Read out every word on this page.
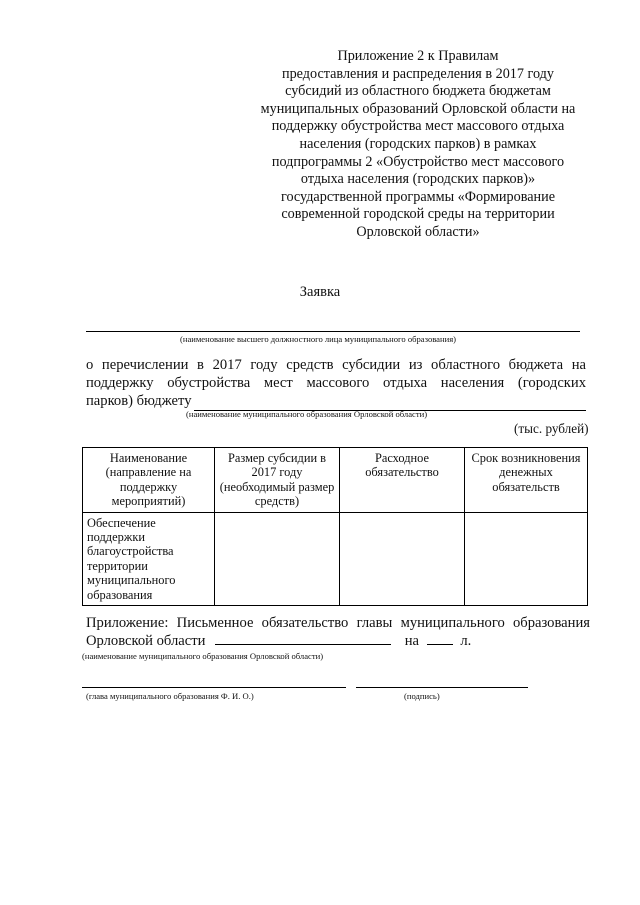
Приложение 2 к Правилам
предоставления и распределения в 2017 году
субсидий из областного бюджета бюджетам
муниципальных образований Орловской области на
поддержку обустройства мест массового отдыха
населения (городских парков) в рамках
подпрограммы 2 «Обустройство мест массового
отдыха населения (городских парков)»
государственной программы «Формирование
современной городской среды на территории
Орловской области»
Заявка
(наименование высшего должностного лица муниципального образования)
о перечислении в 2017 году средств субсидии из областного бюджета на
поддержку обустройства мест массового отдыха населения (городских
парков) бюджету
(наименование муниципального образования Орловской области)
(тыс. рублей)
Наименование (направление на поддержку мероприятий)	Размер субсидии в 2017 году (необходимый размер средств)	Расходное обязательство	Срок возникновения денежных обязательств
Обеспечение поддержки благоустройства территории муниципального образования			
Приложение: Письменное обязательство главы муниципального образования
Орловской области	на	л.
(наименование муниципального образования Орловской области)
(глава муниципального образования Ф. И. О.)	(подпись)
